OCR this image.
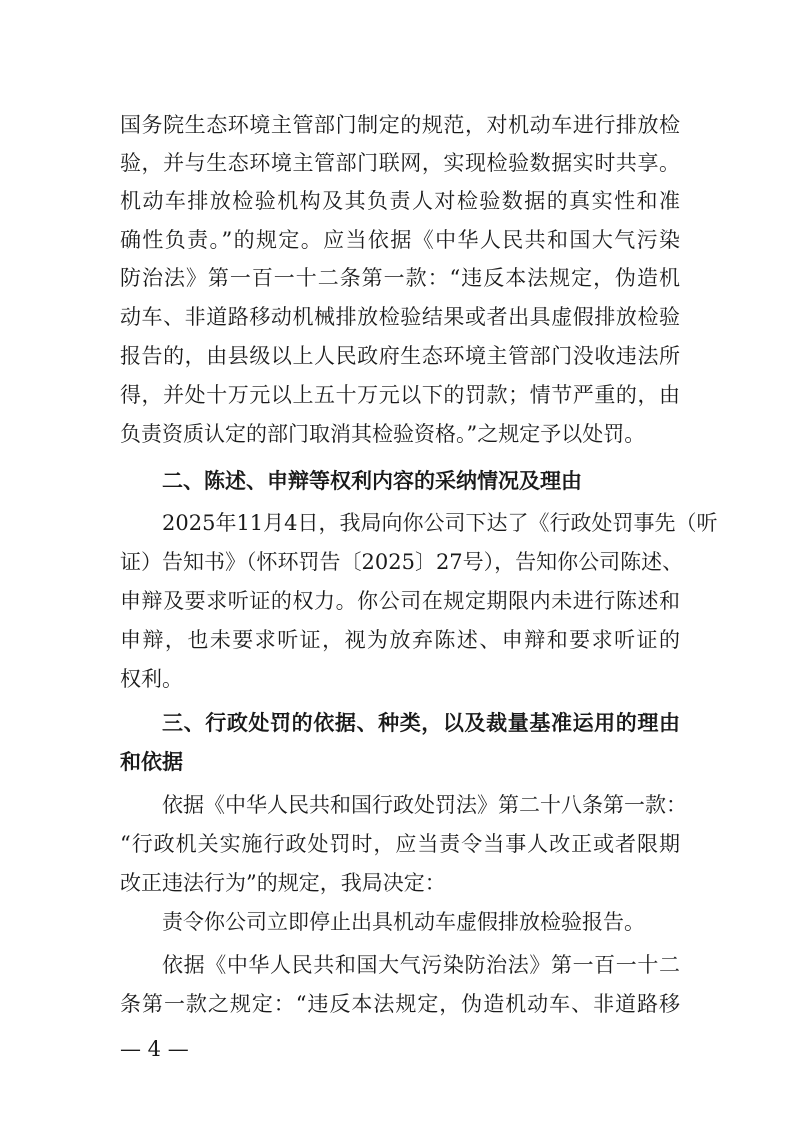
国务院生态环境主管部门制定的规范，对机动车进行排放检
验，并与生态环境主管部门联网，实现检验数据实时共享。
机动车排放检验机构及其负责人对检验数据的真实性和准
确性负责。”的规定。应当依据《中华人民共和国大气污染
防治法》第一百一十二条第一款：“违反本法规定，伪造机
动车、非道路移动机械排放检验结果或者出具虚假排放检验
报告的，由县级以上人民政府生态环境主管部门没收违法所
得，并处十万元以上五十万元以下的罚款；情节严重的，由
负责资质认定的部门取消其检验资格。”之规定予以处罚。
二、陈述、申辩等权利内容的采纳情况及理由
2025年11月4日，我局向你公司下达了《行政处罚事先（听
证）告知书》（怀环罚告〔2025〕27号），告知你公司陈述、
申辩及要求听证的权力。你公司在规定期限内未进行陈述和
申辩，也未要求听证，视为放弃陈述、申辩和要求听证的
权利。
三、行政处罚的依据、种类，以及裁量基准运用的理由
和依据
依据《中华人民共和国行政处罚法》第二十八条第一款：
“行政机关实施行政处罚时，应当责令当事人改正或者限期
改正违法行为”的规定，我局决定：
责令你公司立即停止出具机动车虚假排放检验报告。
依据《中华人民共和国大气污染防治法》第一百一十二
条第一款之规定：“违反本法规定，伪造机动车、非道路移
— 4 —
